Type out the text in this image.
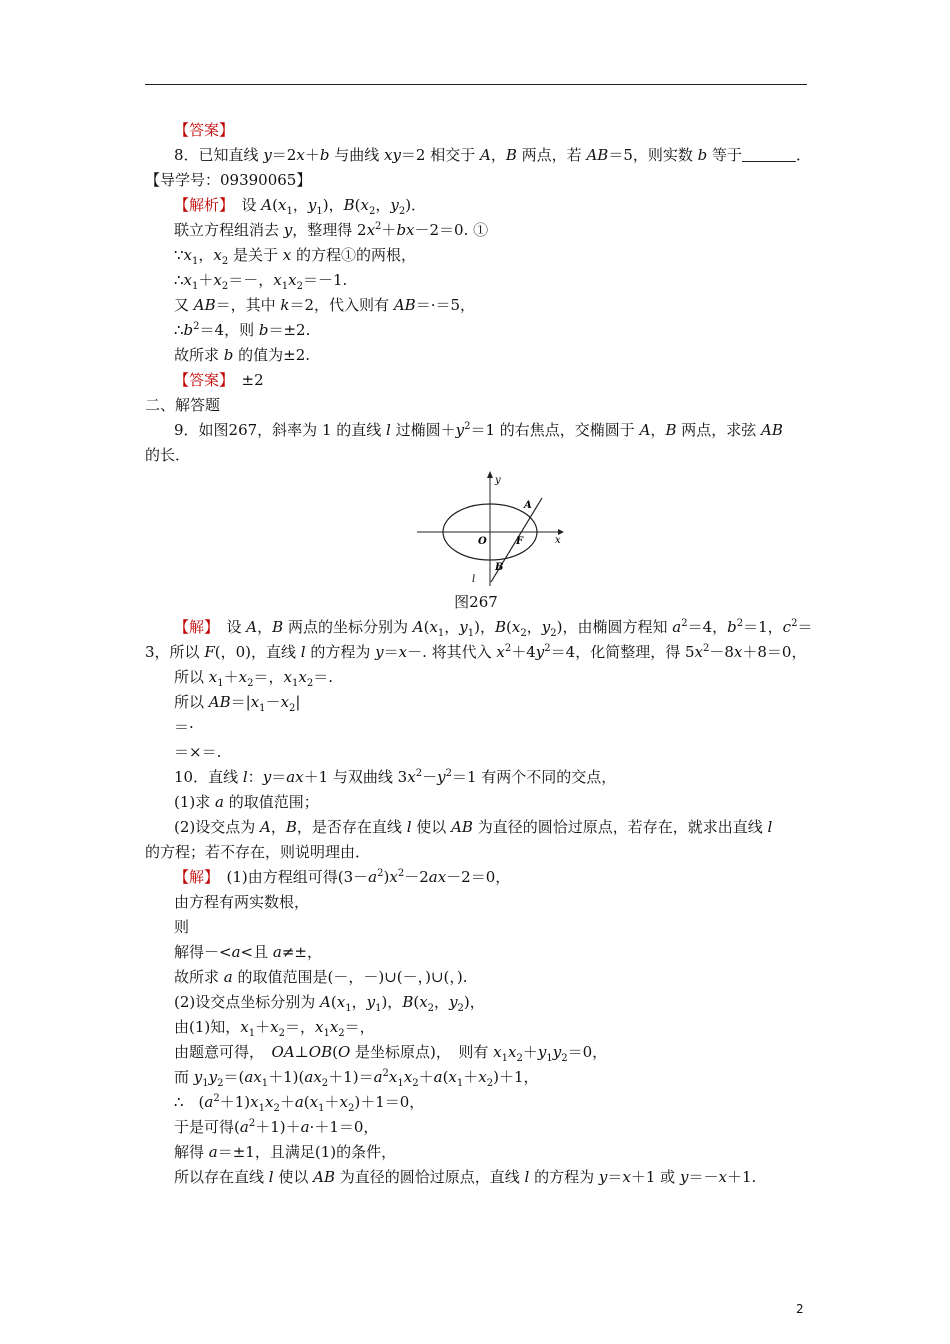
【答案】
8．已知直线 y＝2x＋b 与曲线 xy＝2 相交于 A，B 两点，若 AB＝5，则实数 b 等于	．
【导学号：09390065】
【解析】　设 $A(x_1$，$y_1$)，$B(x_2$，$y_2$)．
联立方程组消去 y，整理得 $2x^2+bx-2=0$. ①
$\because x_1$，$x_2$ 是关于 x 的方程①的两根，
$\therefore x_1+x_2=-$，$x_1x_2=-1$.
又 AB＝，其中 k＝2，代入则有 AB＝·＝5，
$\therefore b^2=4$，则 b＝±2.
故所求 b 的值为±2.
【答案】　 ±2
二、解答题
9．如图267，斜率为 1 的直线 l 过椭圆$+y^2=1$ 的右焦点，交椭圆于 A，B 两点，求弦 AB
的长．
y
x
O	F
A
B
l
图267
【解】　设 A，B 两点的坐标分别为 $A(x_1$，$y_1$)，$B(x_2$，$y_2$)，由椭圆方程知 $a^2=4$，$b^2=1$，$c^2=$
3，所以 F(，0)，直线 l 的方程为 y＝x－. 将其代入 $x^2+4y^2=4$，化简整理，得 $5x^2-8x+8=0$，
所以 $x_1+x_2=$，$x_1x_2=$.
所以 $AB=|x_1-x_2|$
＝·
＝×＝.
10．直线 l：y＝ax＋1 与双曲线 $3x^2-y^2=1$ 有两个不同的交点，
(1)求 a 的取值范围；
(2)设交点为 A，B，是否存在直线 l 使以 AB 为直径的圆恰过原点，若存在，就求出直线 l
的方程；若不存在，则说明理由．
【解】　(1)由方程组可得$(3-a^2)x^2-2ax-2=0$，
由方程有两实数根，
则
解得－<a<且 a≠±，
故所求 a 的取值范围是(－，－)∪(－，)∪(，).
(2)设交点坐标分别为 $A(x_1$，$y_1$)，$B(x_2$，$y_2$)，
由(1)知，$x_1+x_2=$，$x_1x_2=$，
由题意可得，　OA⊥OB(O 是坐标原点)，　则有 $x_1x_2+y_1y_2=0$，
而 $y_1y_2=(ax_1+1)(ax_2+1)=a^2x_1x_2+a(x_1+x_2)+1$，
∴　$(a^2+1)x_1x_2+a(x_1+x_2)+1=0$，
于是可得$(a^2+1)+a\cdot+1=0$，
解得 a＝±1，且满足(1)的条件，
所以存在直线 l 使以 AB 为直径的圆恰过原点，直线 l 的方程为 y＝x＋1 或 y＝－x＋1.
2
